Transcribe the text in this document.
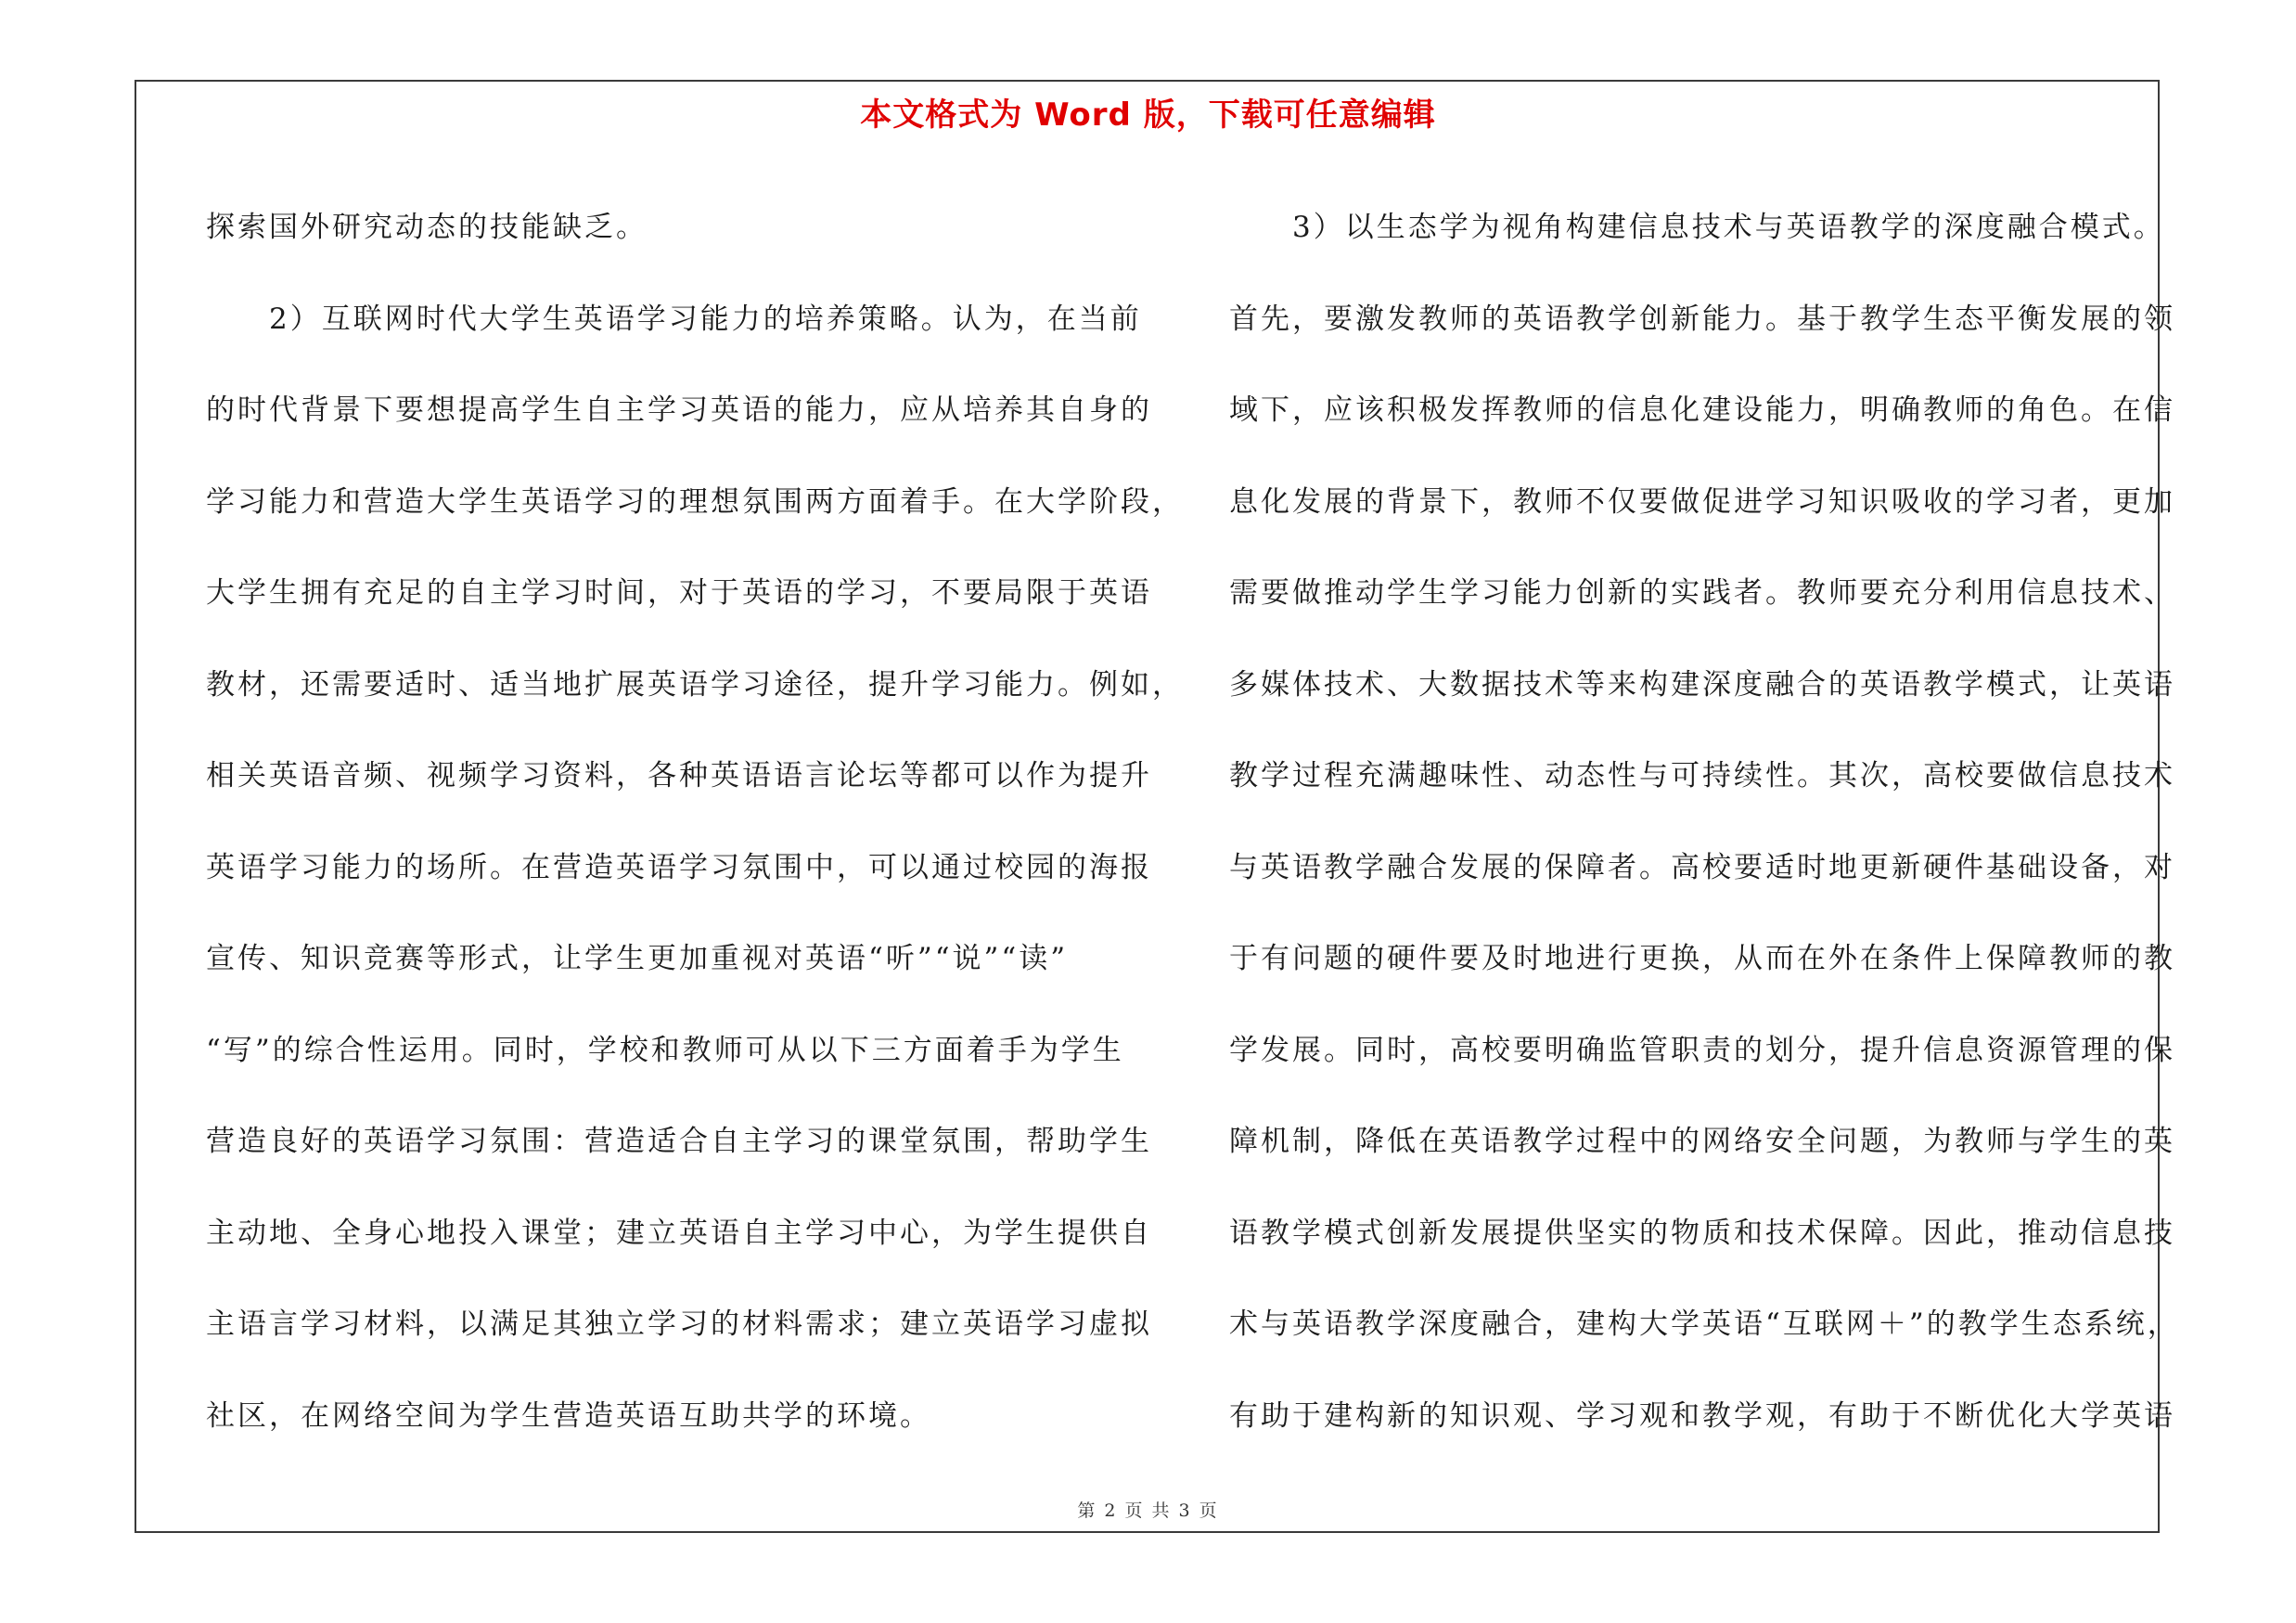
本文格式为 Word 版，下载可任意编辑

探索国外研究动态的技能缺乏。

　　2）互联网时代大学生英语学习能力的培养策略。认为，在当前

的时代背景下要想提高学生自主学习英语的能力，应从培养其自身的

学习能力和营造大学生英语学习的理想氛围两方面着手。在大学阶段，

大学生拥有充足的自主学习时间，对于英语的学习，不要局限于英语

教材，还需要适时、适当地扩展英语学习途径，提升学习能力。例如，

相关英语音频、视频学习资料，各种英语语言论坛等都可以作为提升

英语学习能力的场所。在营造英语学习氛围中，可以通过校园的海报

宣传、知识竞赛等形式，让学生更加重视对英语“听”“说”“读”

“写”的综合性运用。同时，学校和教师可从以下三方面着手为学生

营造良好的英语学习氛围：营造适合自主学习的课堂氛围，帮助学生

主动地、全身心地投入课堂；建立英语自主学习中心，为学生提供自

主语言学习材料，以满足其独立学习的材料需求；建立英语学习虚拟

社区，在网络空间为学生营造英语互助共学的环境。

　　3）以生态学为视角构建信息技术与英语教学的深度融合模式。

首先，要激发教师的英语教学创新能力。基于教学生态平衡发展的领

域下，应该积极发挥教师的信息化建设能力，明确教师的角色。在信

息化发展的背景下，教师不仅要做促进学习知识吸收的学习者，更加

需要做推动学生学习能力创新的实践者。教师要充分利用信息技术、

多媒体技术、大数据技术等来构建深度融合的英语教学模式，让英语

教学过程充满趣味性、动态性与可持续性。其次，高校要做信息技术

与英语教学融合发展的保障者。高校要适时地更新硬件基础设备，对

于有问题的硬件要及时地进行更换，从而在外在条件上保障教师的教

学发展。同时，高校要明确监管职责的划分，提升信息资源管理的保

障机制，降低在英语教学过程中的网络安全问题，为教师与学生的英

语教学模式创新发展提供坚实的物质和技术保障。因此，推动信息技

术与英语教学深度融合，建构大学英语“互联网＋”的教学生态系统，

有助于建构新的知识观、学习观和教学观，有助于不断优化大学英语

第 2 页 共 3 页
